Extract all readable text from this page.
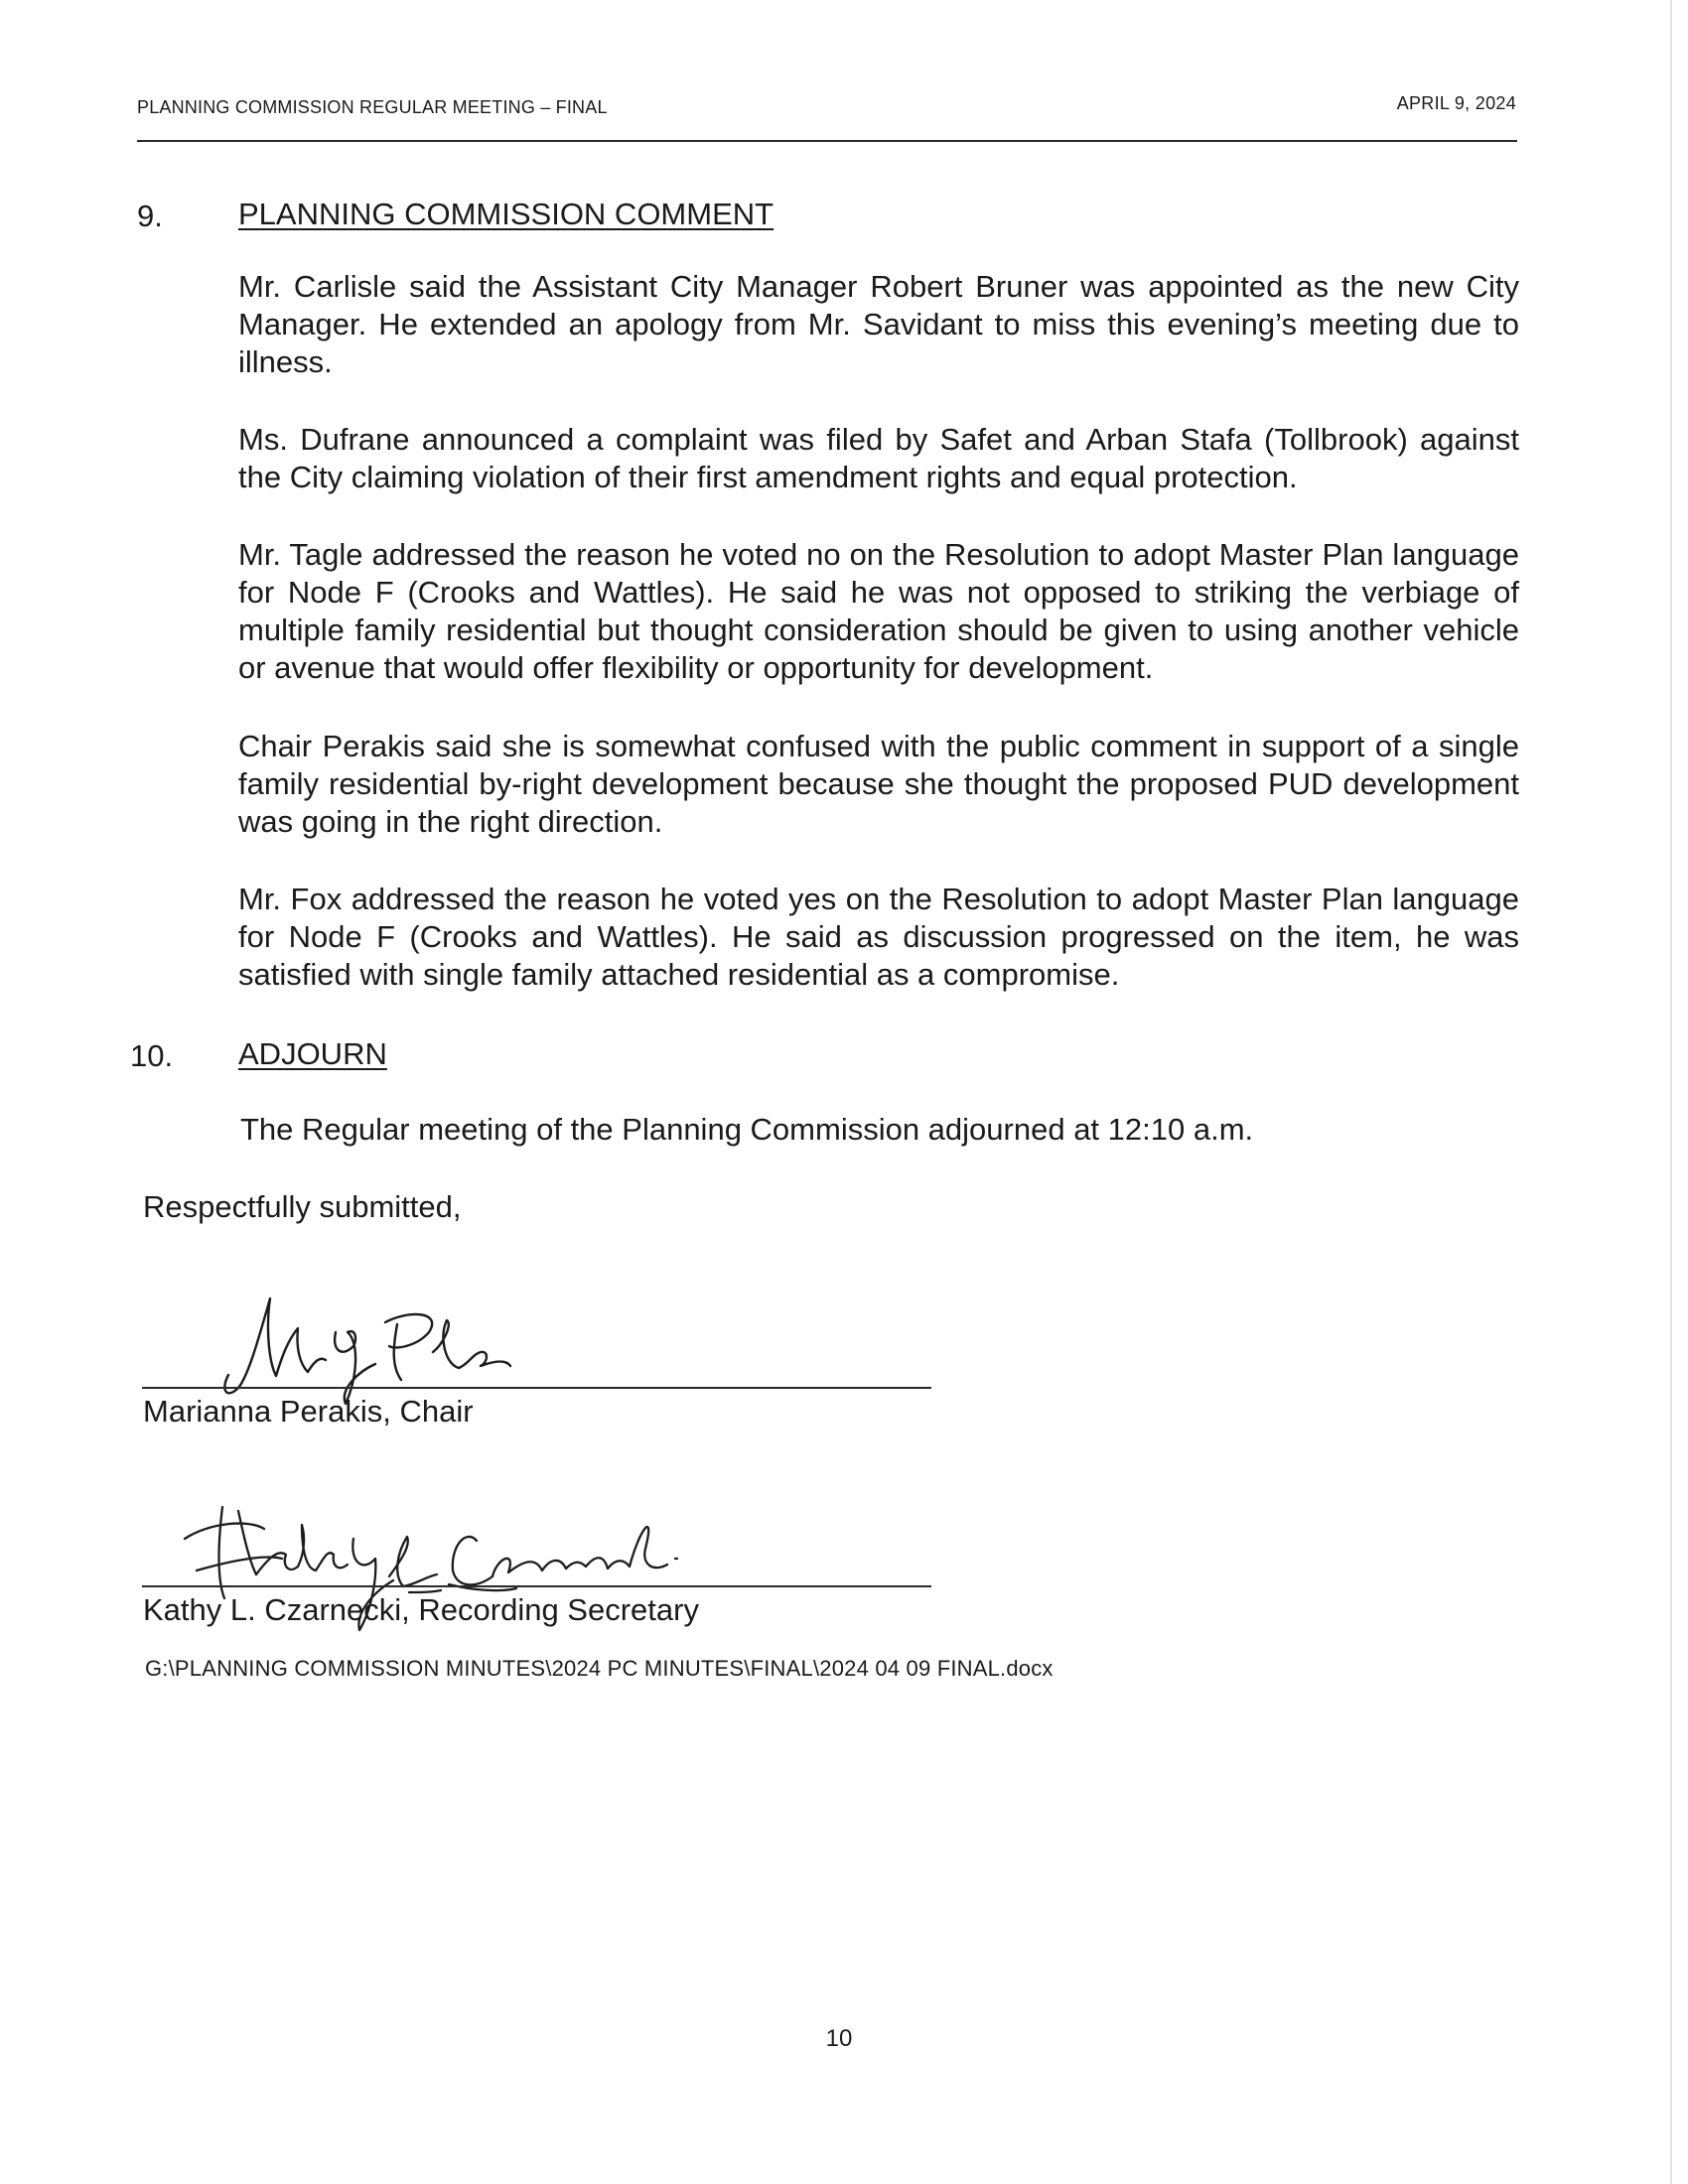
PLANNING COMMISSION REGULAR MEETING – FINAL	APRIL 9, 2024
9. PLANNING COMMISSION COMMENT

Mr. Carlisle said the Assistant City Manager Robert Bruner was appointed as the new City Manager. He extended an apology from Mr. Savidant to miss this evening’s meeting due to illness.

Ms. Dufrane announced a complaint was filed by Safet and Arban Stafa (Tollbrook) against the City claiming violation of their first amendment rights and equal protection.

Mr. Tagle addressed the reason he voted no on the Resolution to adopt Master Plan language for Node F (Crooks and Wattles). He said he was not opposed to striking the verbiage of multiple family residential but thought consideration should be given to using another vehicle or avenue that would offer flexibility or opportunity for development.

Chair Perakis said she is somewhat confused with the public comment in support of a single family residential by-right development because she thought the proposed PUD development was going in the right direction.

Mr. Fox addressed the reason he voted yes on the Resolution to adopt Master Plan language for Node F (Crooks and Wattles). He said as discussion progressed on the item, he was satisfied with single family attached residential as a compromise.

10. ADJOURN

The Regular meeting of the Planning Commission adjourned at 12:10 a.m.

Respectfully submitted,

Marianna Perakis, Chair
Kathy L. Czarnecki, Recording Secretary
G:\PLANNING COMMISSION MINUTES\2024 PC MINUTES\FINAL\2024 04 09 FINAL.docx
10
